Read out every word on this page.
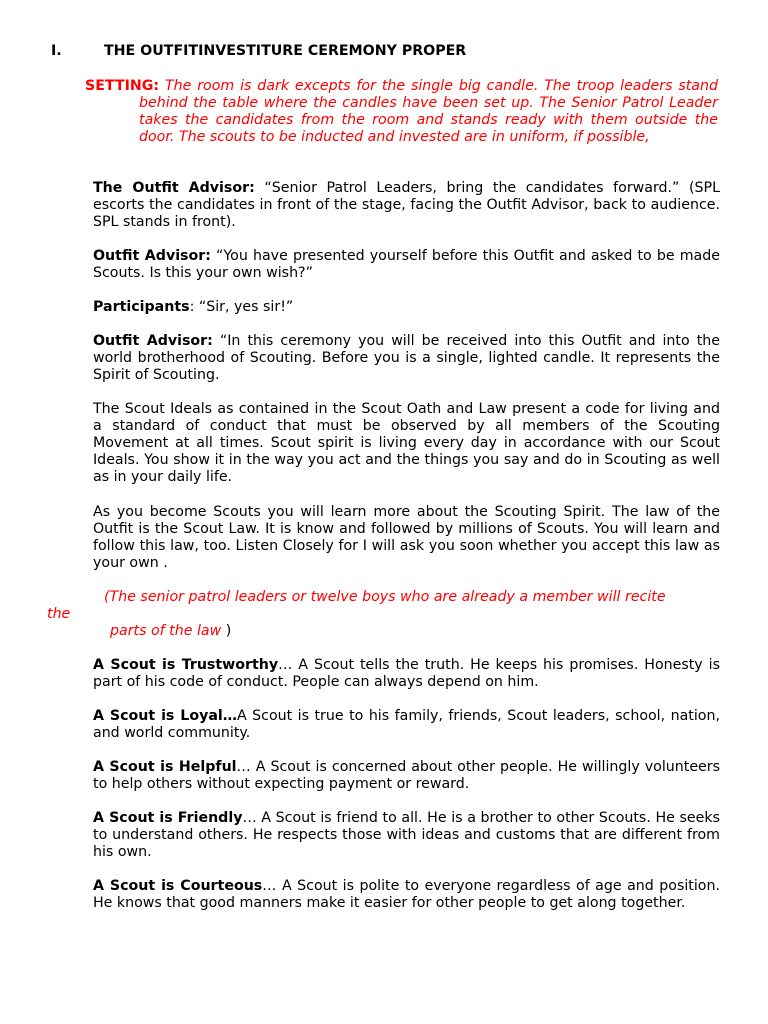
I.	THE OUTFITINVESTITURE CEREMONY PROPER
SETTING: The room is dark excepts for the single big candle. The troop leaders stand behind the table where the candles have been set up. The Senior Patrol Leader takes the candidates from the room and stands ready with them outside the door. The scouts to be inducted and invested are in uniform, if possible,

The Outfit Advisor: “Senior Patrol Leaders, bring the candidates forward.” (SPL escorts the candidates in front of the stage, facing the Outfit Advisor, back to audience. SPL stands in front).

Outfit Advisor: “You have presented yourself before this Outfit and asked to be made Scouts. Is this your own wish?”

Participants: “Sir, yes sir!”

Outfit Advisor: “In this ceremony you will be received into this Outfit and into the world brotherhood of Scouting. Before you is a single, lighted candle. It represents the Spirit of Scouting.

The Scout Ideals as contained in the Scout Oath and Law present a code for living and a standard of conduct that must be observed by all members of the Scouting Movement at all times. Scout spirit is living every day in accordance with our Scout Ideals. You show it in the way you act and the things you say and do in Scouting as well as in your daily life.

As you become Scouts you will learn more about the Scouting Spirit. The law of the Outfit is the Scout Law. It is know and followed by millions of Scouts. You will learn and follow this law, too. Listen Closely for I will ask you soon whether you accept this law as your own .

(The senior patrol leaders or twelve boys who are already a member will recite
the
parts of the law )

A Scout is Trustworthy… A Scout tells the truth. He keeps his promises. Honesty is part of his code of conduct. People can always depend on him.

A Scout is Loyal…A Scout is true to his family, friends, Scout leaders, school, nation, and world community.

A Scout is Helpful… A Scout is concerned about other people. He willingly volunteers to help others without expecting payment or reward.

A Scout is Friendly… A Scout is friend to all. He is a brother to other Scouts. He seeks to understand others. He respects those with ideas and customs that are different from his own.

A Scout is Courteous… A Scout is polite to everyone regardless of age and position. He knows that good manners make it easier for other people to get along together.
